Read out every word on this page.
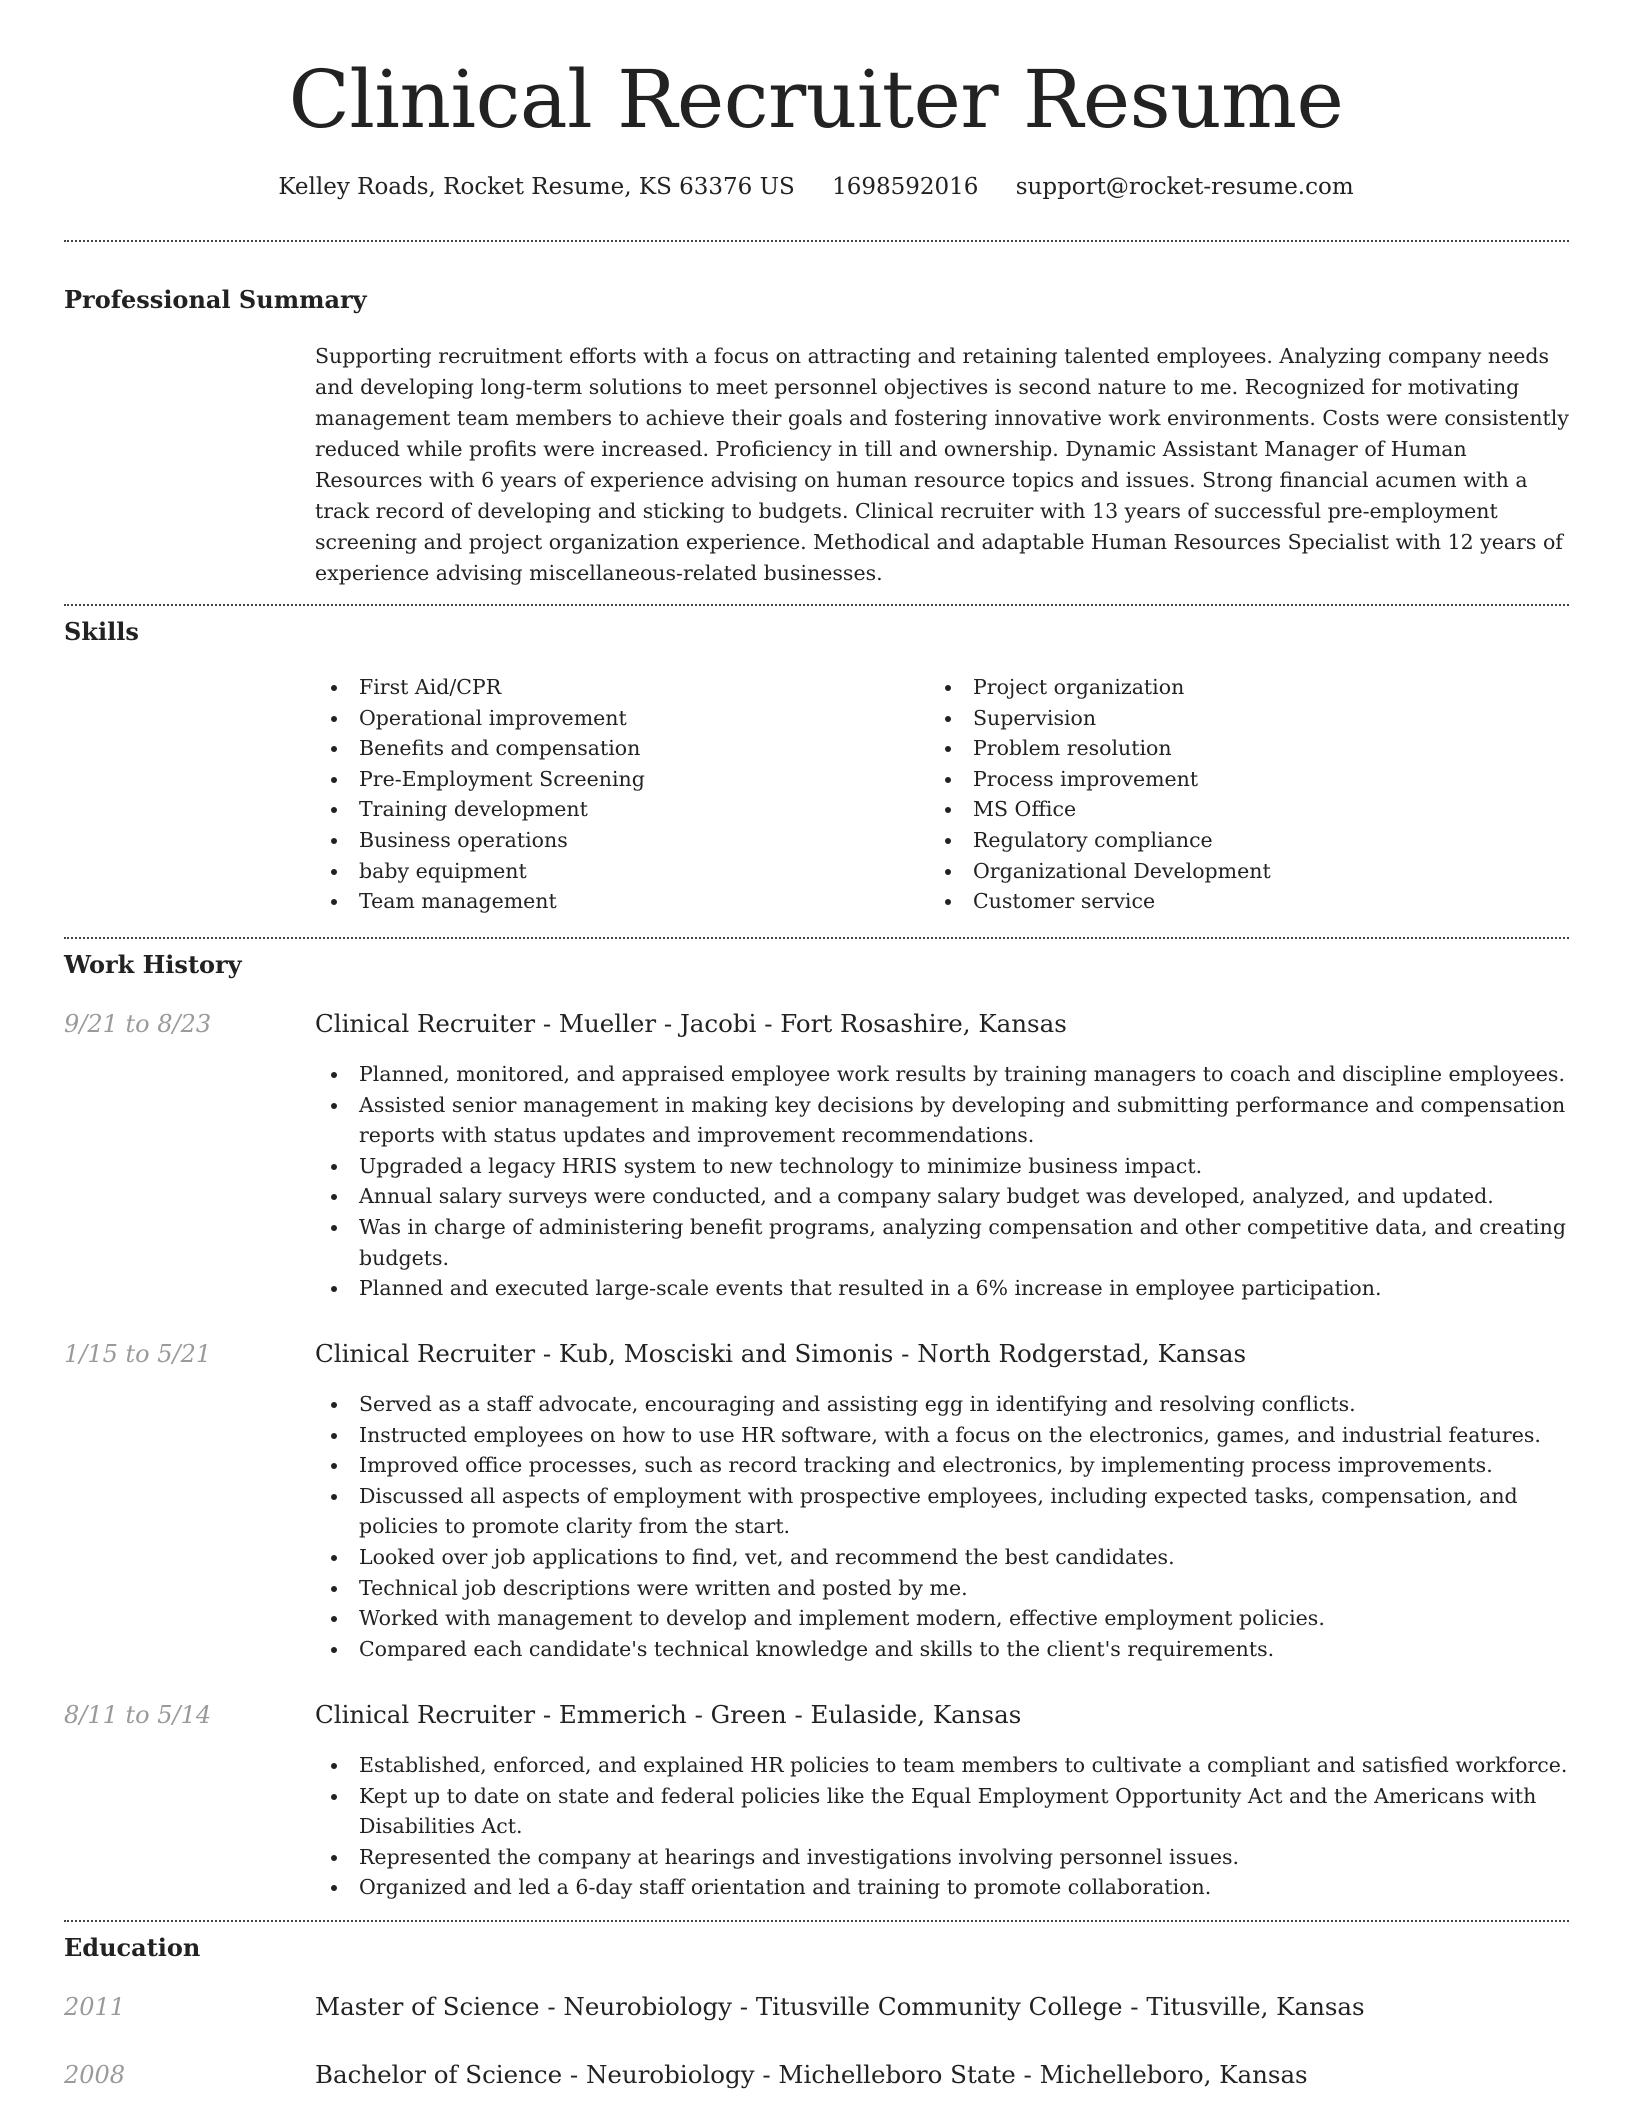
Clinical Recruiter Resume
Kelley Roads, Rocket Resume, KS 63376 US 1698592016 support@rocket-resume.com
Professional Summary

Supporting recruitment efforts with a focus on attracting and retaining talented employees. Analyzing company needs and developing long-term solutions to meet personnel objectives is second nature to me. Recognized for motivating management team members to achieve their goals and fostering innovative work environments. Costs were consistently reduced while profits were increased. Proficiency in till and ownership. Dynamic Assistant Manager of Human Resources with 6 years of experience advising on human resource topics and issues. Strong financial acumen with a track record of developing and sticking to budgets. Clinical recruiter with 13 years of successful pre-employment screening and project organization experience. Methodical and adaptable Human Resources Specialist with 12 years of experience advising miscellaneous-related businesses.

Skills
First Aid/CPR
Operational improvement
Benefits and compensation
Pre-Employment Screening
Training development
Business operations
baby equipment
Team management
Project organization
Supervision
Problem resolution
Process improvement
MS Office
Regulatory compliance
Organizational Development
Customer service
Work History
9/21 to 8/23	Clinical Recruiter - Mueller - Jacobi - Fort Rosashire, Kansas
Planned, monitored, and appraised employee work results by training managers to coach and discipline employees.
Assisted senior management in making key decisions by developing and submitting performance and compensation reports with status updates and improvement recommendations.
Upgraded a legacy HRIS system to new technology to minimize business impact.
Annual salary surveys were conducted, and a company salary budget was developed, analyzed, and updated.
Was in charge of administering benefit programs, analyzing compensation and other competitive data, and creating budgets.
Planned and executed large-scale events that resulted in a 6% increase in employee participation.
1/15 to 5/21	Clinical Recruiter - Kub, Mosciski and Simonis - North Rodgerstad, Kansas
Served as a staff advocate, encouraging and assisting egg in identifying and resolving conflicts.
Instructed employees on how to use HR software, with a focus on the electronics, games, and industrial features.
Improved office processes, such as record tracking and electronics, by implementing process improvements.
Discussed all aspects of employment with prospective employees, including expected tasks, compensation, and policies to promote clarity from the start.
Looked over job applications to find, vet, and recommend the best candidates.
Technical job descriptions were written and posted by me.
Worked with management to develop and implement modern, effective employment policies.
Compared each candidate's technical knowledge and skills to the client's requirements.
8/11 to 5/14	Clinical Recruiter - Emmerich - Green - Eulaside, Kansas
Established, enforced, and explained HR policies to team members to cultivate a compliant and satisfied workforce.
Kept up to date on state and federal policies like the Equal Employment Opportunity Act and the Americans with Disabilities Act.
Represented the company at hearings and investigations involving personnel issues.
Organized and led a 6-day staff orientation and training to promote collaboration.
Education
2011	Master of Science - Neurobiology - Titusville Community College - Titusville, Kansas
2008	Bachelor of Science - Neurobiology - Michelleboro State - Michelleboro, Kansas
